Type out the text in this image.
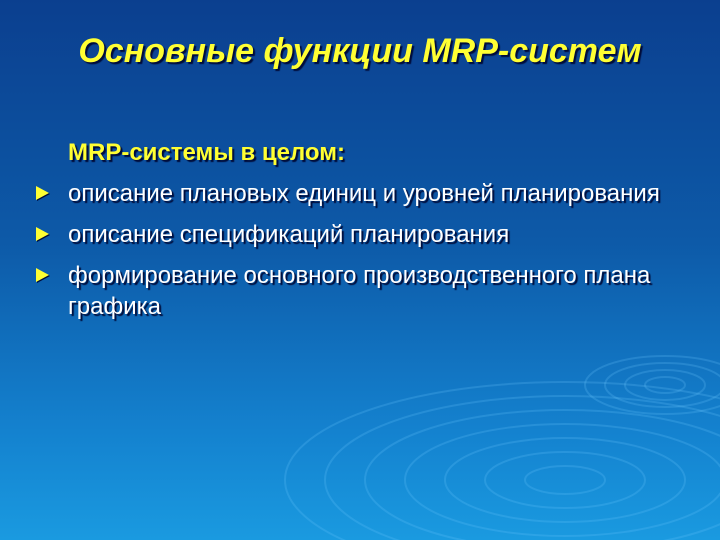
Основные функции MRP-систем

MRP-системы в целом:

описание плановых единиц и уровней планирования
описание спецификаций планирования
формирование основного производственного плана графика
